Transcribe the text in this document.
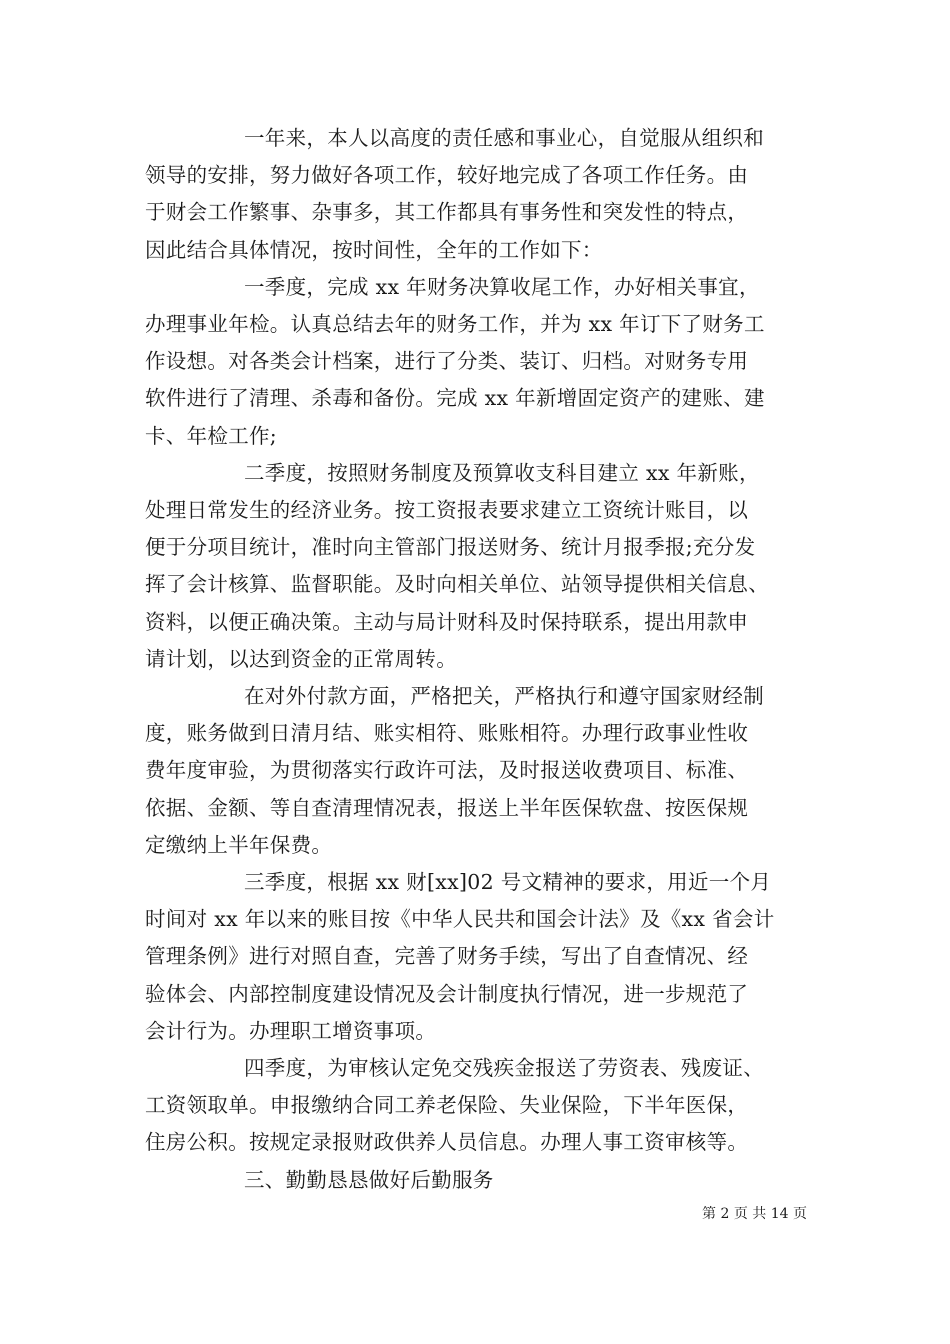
一年来，本人以高度的责任感和事业心，自觉服从组织和
领导的安排，努力做好各项工作，较好地完成了各项工作任务。由
于财会工作繁事、杂事多，其工作都具有事务性和突发性的特点，
因此结合具体情况，按时间性，全年的工作如下：

一季度，完成 xx 年财务决算收尾工作，办好相关事宜，
办理事业年检。认真总结去年的财务工作，并为 xx 年订下了财务工
作设想。对各类会计档案，进行了分类、装订、归档。对财务专用
软件进行了清理、杀毒和备份。完成 xx 年新增固定资产的建账、建
卡、年检工作;

二季度，按照财务制度及预算收支科目建立 xx 年新账，
处理日常发生的经济业务。按工资报表要求建立工资统计账目，以
便于分项目统计，准时向主管部门报送财务、统计月报季报;充分发
挥了会计核算、监督职能。及时向相关单位、站领导提供相关信息、
资料，以便正确决策。主动与局计财科及时保持联系，提出用款申
请计划，以达到资金的正常周转。

在对外付款方面，严格把关，严格执行和遵守国家财经制
度，账务做到日清月结、账实相符、账账相符。办理行政事业性收
费年度审验，为贯彻落实行政许可法，及时报送收费项目、标准、
依据、金额、等自查清理情况表，报送上半年医保软盘、按医保规
定缴纳上半年保费。

三季度，根据 xx 财[xx]02 号文精神的要求，用近一个月
时间对 xx 年以来的账目按《中华人民共和国会计法》及《xx 省会计
管理条例》进行对照自查，完善了财务手续，写出了自查情况、经
验体会、内部控制度建设情况及会计制度执行情况，进一步规范了
会计行为。办理职工增资事项。

四季度，为审核认定免交残疾金报送了劳资表、残废证、
工资领取单。申报缴纳合同工养老保险、失业保险，下半年医保，
住房公积。按规定录报财政供养人员信息。办理人事工资审核等。

三、勤勤恳恳做好后勤服务

第 2 页 共 14 页
